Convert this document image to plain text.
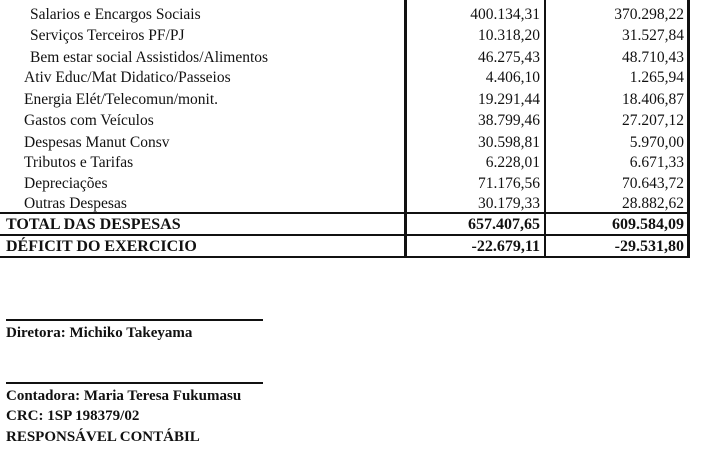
Salarios e Encargos Sociais	400.134,31	370.298,22
Serviços Terceiros PF/PJ	10.318,20	31.527,84
Bem estar social Assistidos/Alimentos	46.275,43	48.710,43
Ativ Educ/Mat Didatico/Passeios	4.406,10	1.265,94
Energia Elét/Telecomun/monit.	19.291,44	18.406,87
Gastos com Veículos	38.799,46	27.207,12
Despesas Manut Consv	30.598,81	5.970,00
Tributos e Tarifas	6.228,01	6.671,33
Depreciações	71.176,56	70.643,72
Outras Despesas	30.179,33	28.882,62
TOTAL DAS DESPESAS	657.407,65	609.584,09
DÉFICIT DO EXERCICIO	-22.679,11	-29.531,80
Diretora: Michiko Takeyama
Contadora: Maria Teresa Fukumasu
CRC: 1SP 198379/02
RESPONSÁVEL CONTÁBIL
